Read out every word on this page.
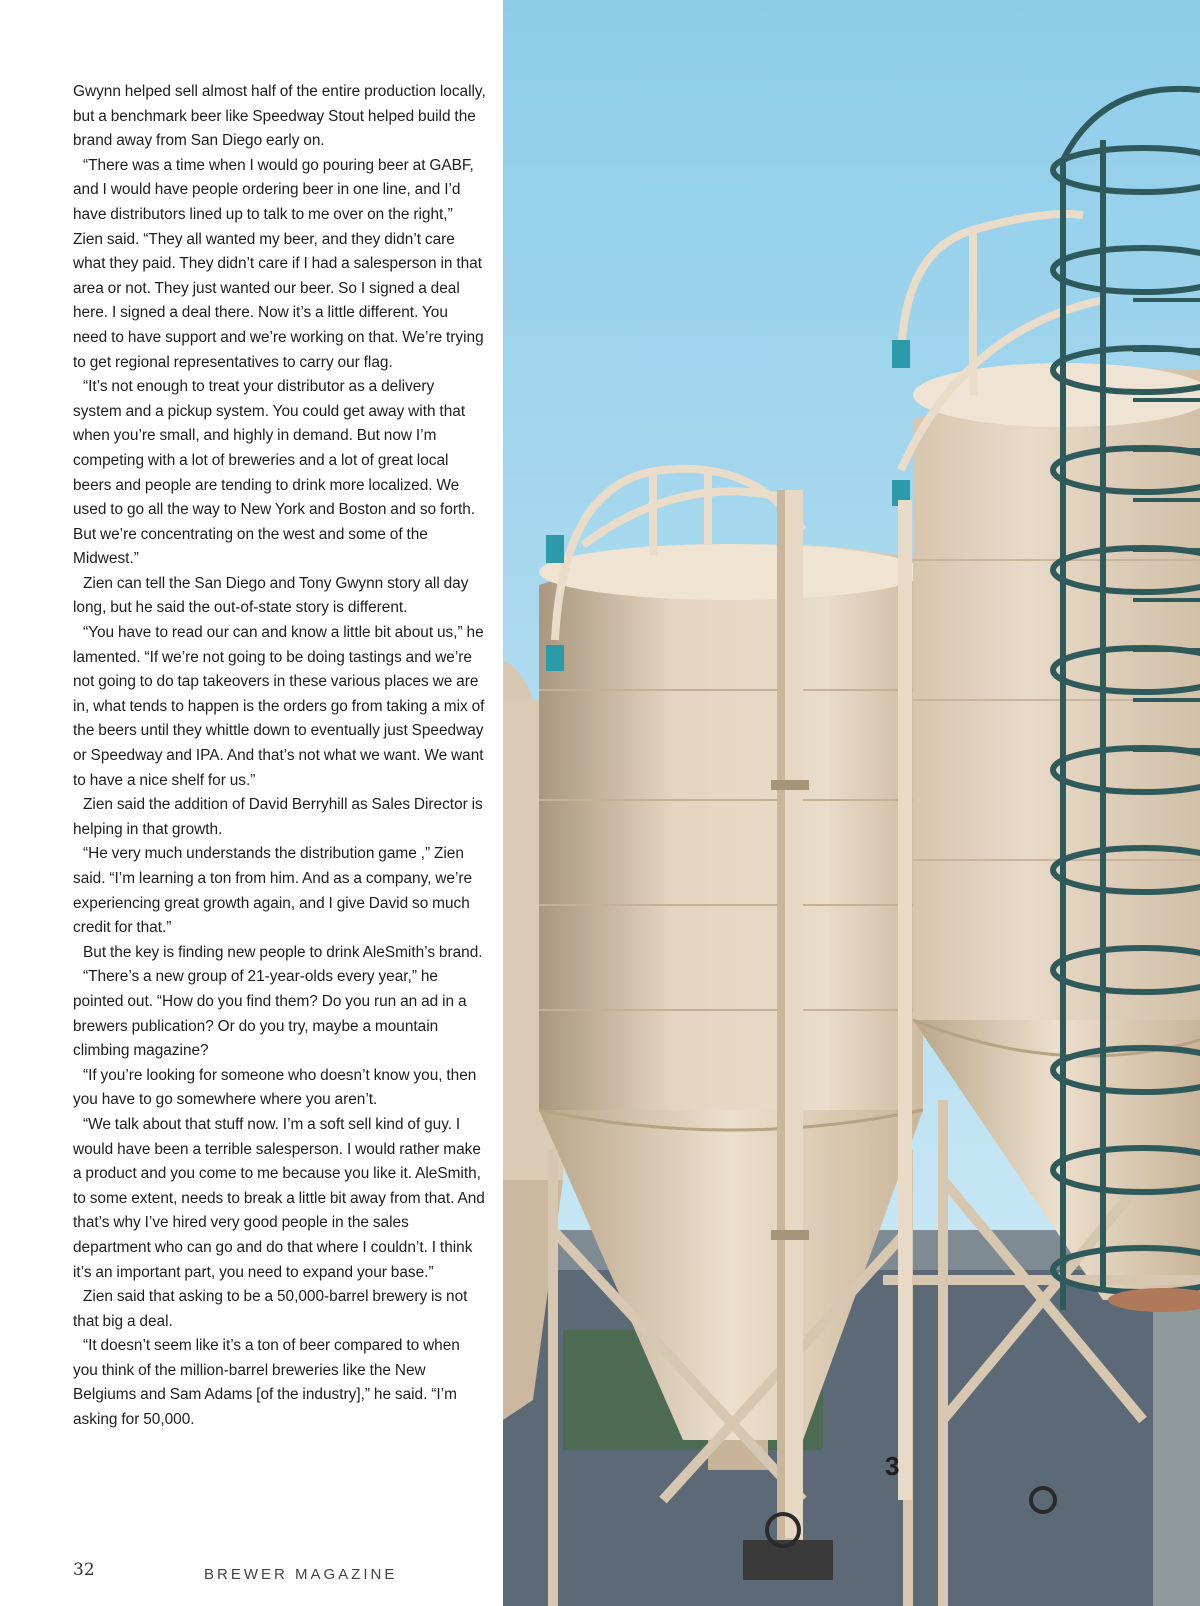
Gwynn helped sell almost half of the entire production locally, but a benchmark beer like Speedway Stout helped build the brand away from San Diego early on.

“There was a time when I would go pouring beer at GABF, and I would have people ordering beer in one line, and I’d have distributors lined up to talk to me over on the right,” Zien said. “They all wanted my beer, and they didn’t care what they paid. They didn’t care if I had a salesperson in that area or not. They just wanted our beer. So I signed a deal here. I signed a deal there. Now it’s a little different. You need to have support and we’re working on that. We’re trying to get regional representatives to carry our flag.

“It’s not enough to treat your distributor as a delivery system and a pickup system. You could get away with that when you’re small, and highly in demand. But now I’m competing with a lot of breweries and a lot of great local beers and people are tending to drink more localized. We used to go all the way to New York and Boston and so forth. But we’re concentrating on the west and some of the Midwest.”

Zien can tell the San Diego and Tony Gwynn story all day long, but he said the out-of-state story is different.

“You have to read our can and know a little bit about us,” he lamented. “If we’re not going to be doing tastings and we’re not going to do tap takeovers in these various places we are in, what tends to happen is the orders go from taking a mix of the beers until they whittle down to eventually just Speedway or Speedway and IPA. And that’s not what we want. We want to have a nice shelf for us.”

Zien said the addition of David Berryhill as Sales Director is helping in that growth.

“He very much understands the distribution game ,” Zien said. “I’m learning a ton from him. And as a company, we’re experiencing great growth again, and I give David so much credit for that.”

But the key is finding new people to drink AleSmith’s brand.

“There’s a new group of 21-year-olds every year,” he pointed out. “How do you find them? Do you run an ad in a brewers publication? Or do you try, maybe a mountain climbing magazine?

“If you’re looking for someone who doesn’t know you, then you have to go somewhere where you aren’t.

“We talk about that stuff now. I’m a soft sell kind of guy. I would have been a terrible salesperson. I would rather make a product and you come to me because you like it. AleSmith, to some extent, needs to break a little bit away from that. And that’s why I’ve hired very good people in the sales department who can go and do that where I couldn’t. I think it’s an important part, you need to expand your base.”

Zien said that asking to be a 50,000-barrel brewery is not that big a deal.

“It doesn’t seem like it’s a ton of beer compared to when you think of the million-barrel breweries like the New Belgiums and Sam Adams [of the industry],” he said. “I’m asking for 50,000.

32	BREWER MAGAZINE
3
